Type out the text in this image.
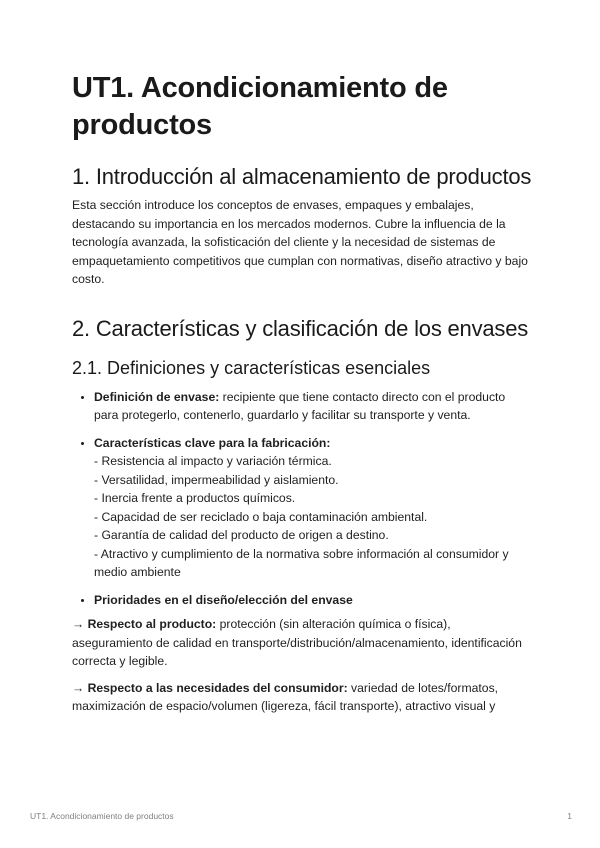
UT1. Acondicionamiento de productos
1. Introducción al almacenamiento de productos

Esta sección introduce los conceptos de envases, empaques y embalajes, destacando su importancia en los mercados modernos. Cubre la influencia de la tecnología avanzada, la sofisticación del cliente y la necesidad de sistemas de empaquetamiento competitivos que cumplan con normativas, diseño atractivo y bajo costo.

2. Características y clasificación de los envases
2.1. Definiciones y características esenciales
• Definición de envase: recipiente que tiene contacto directo con el producto para protegerlo, contenerlo, guardarlo y facilitar su transporte y venta.
• Características clave para la fabricación:
- Resistencia al impacto y variación térmica.
- Versatilidad, impermeabilidad y aislamiento.
- Inercia frente a productos químicos.
- Capacidad de ser reciclado o baja contaminación ambiental.
- Garantía de calidad del producto de origen a destino.
- Atractivo y cumplimiento de la normativa sobre información al consumidor y medio ambiente
• Prioridades en el diseño/elección del envase

→ Respecto al producto: protección (sin alteración química o física), aseguramiento de calidad en transporte/distribución/almacenamiento, identificación correcta y legible.

→ Respecto a las necesidades del consumidor: variedad de lotes/formatos, maximización de espacio/volumen (ligereza, fácil transporte), atractivo visual y

UT1. Acondicionamiento de productos	1
